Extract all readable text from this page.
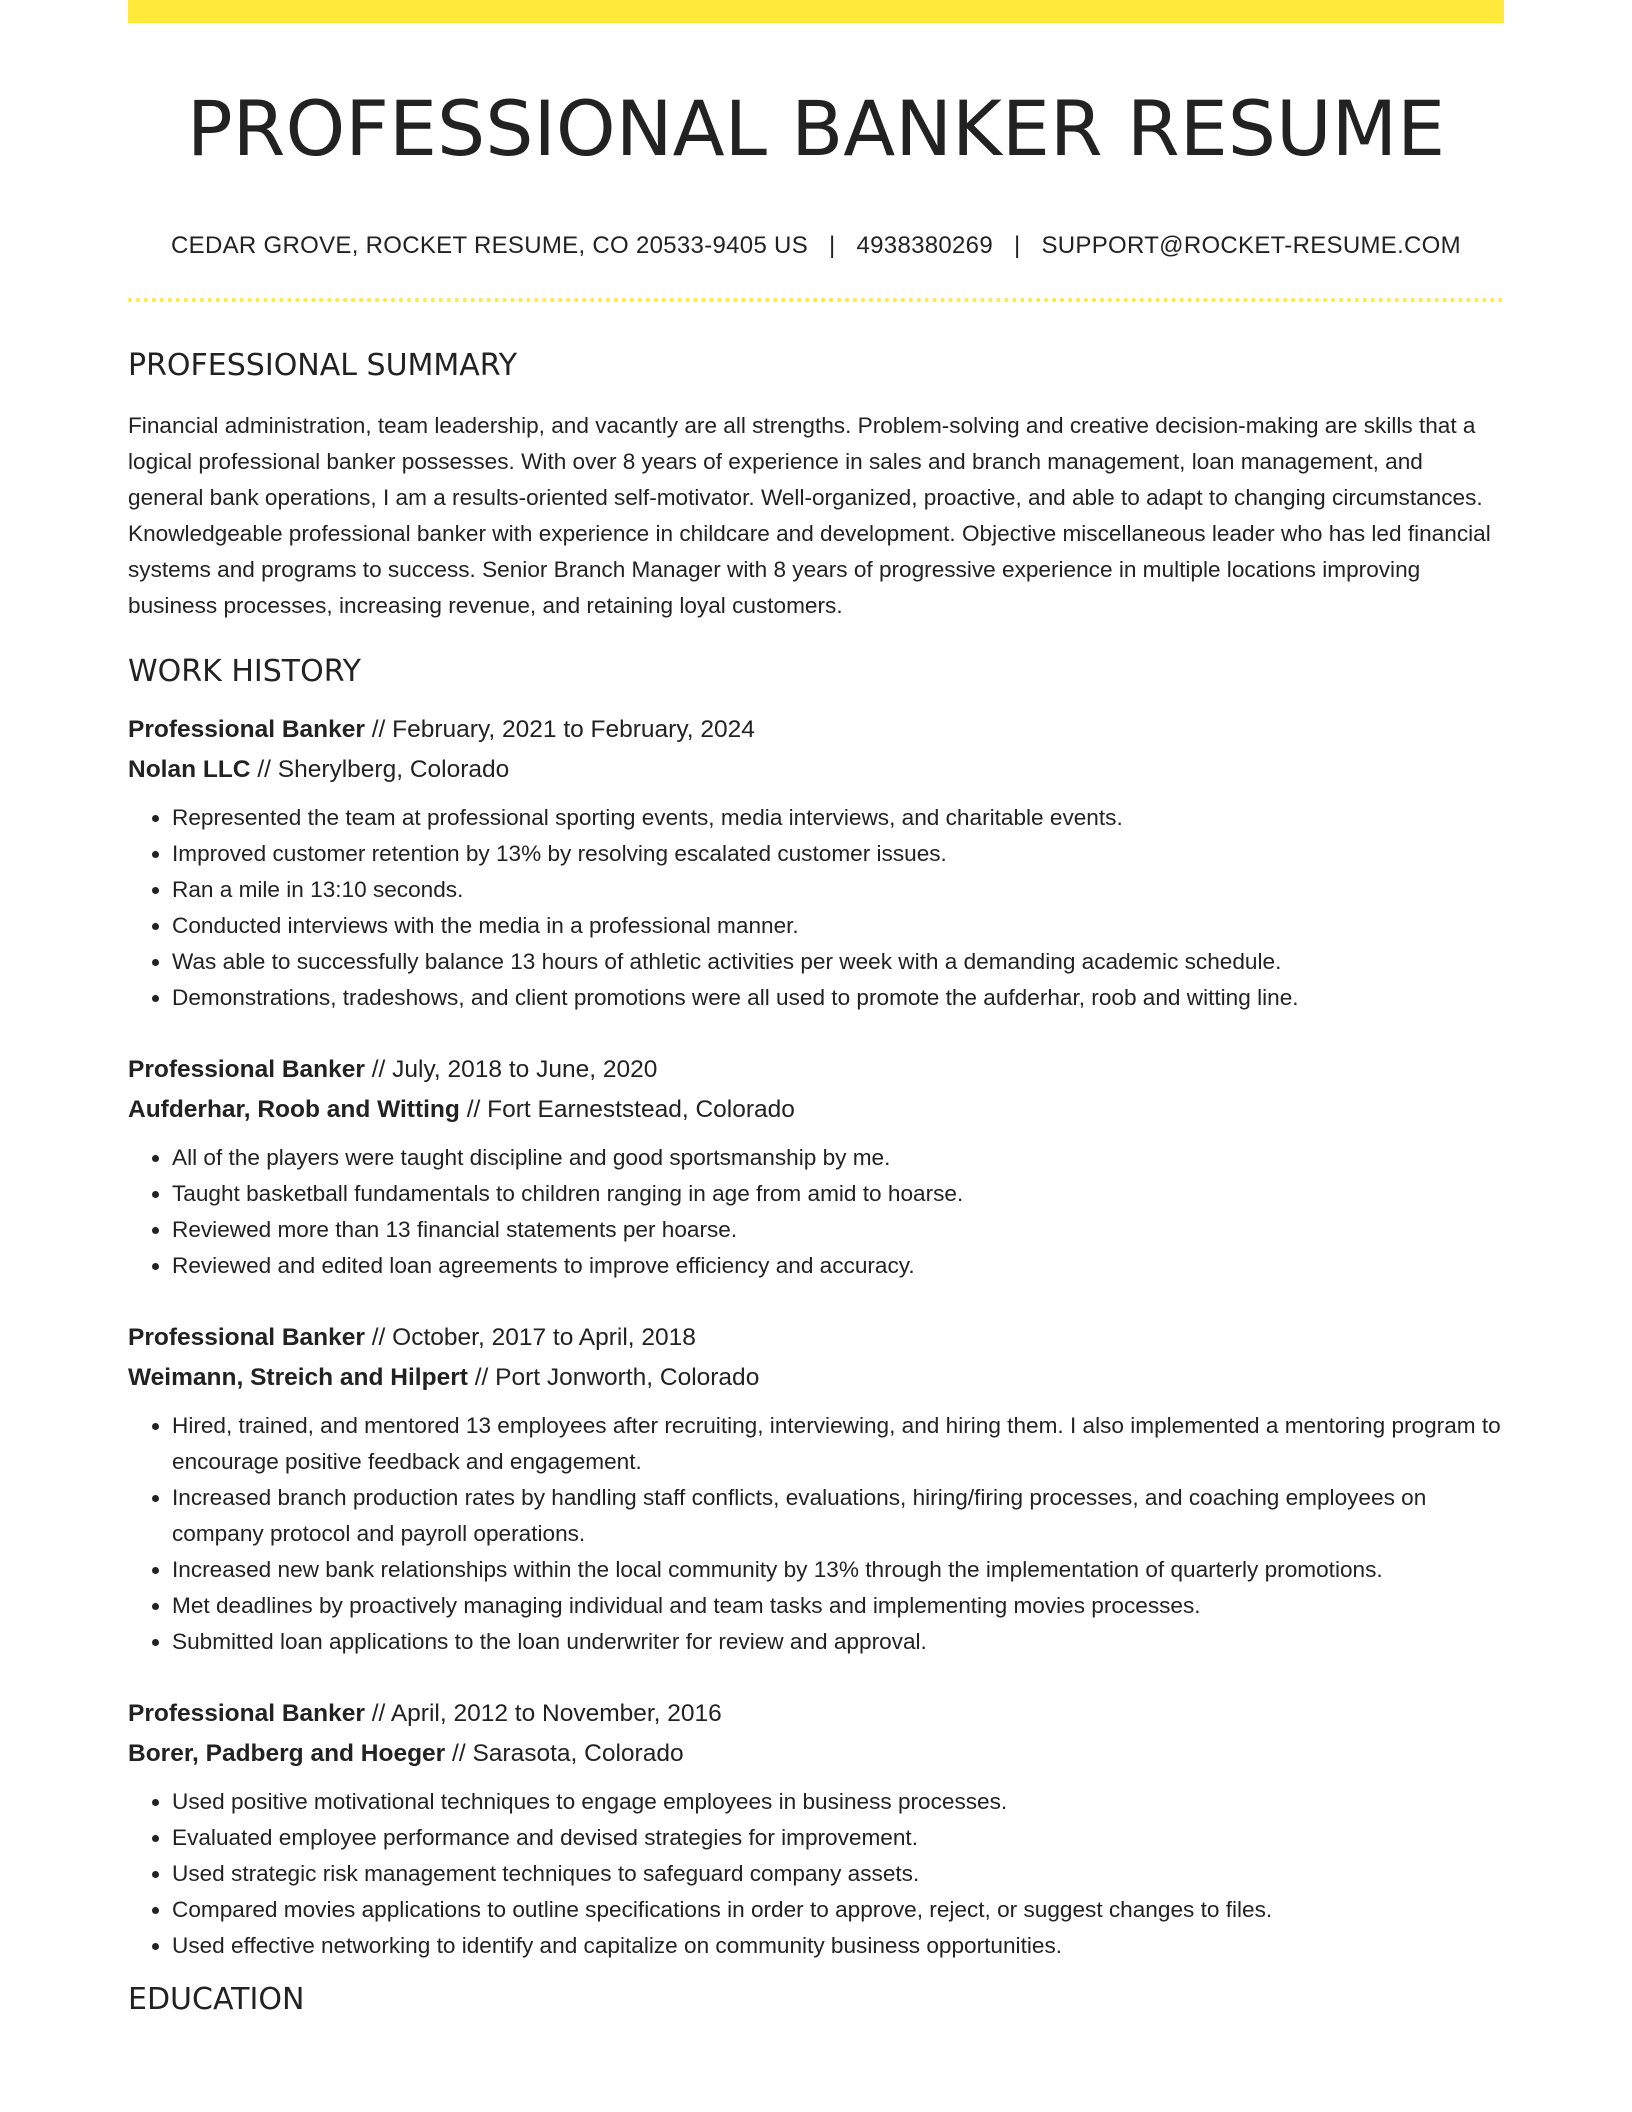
PROFESSIONAL BANKER RESUME
CEDAR GROVE, ROCKET RESUME, CO 20533-9405 US | 4938380269 | SUPPORT@ROCKET-RESUME.COM
PROFESSIONAL SUMMARY

Financial administration, team leadership, and vacantly are all strengths. Problem-solving and creative decision-making are skills that a logical professional banker possesses. With over 8 years of experience in sales and branch management, loan management, and general bank operations, I am a results-oriented self-motivator. Well-organized, proactive, and able to adapt to changing circumstances. Knowledgeable professional banker with experience in childcare and development. Objective miscellaneous leader who has led financial systems and programs to success. Senior Branch Manager with 8 years of progressive experience in multiple locations improving business processes, increasing revenue, and retaining loyal customers.

WORK HISTORY
Professional Banker // February, 2021 to February, 2024
Nolan LLC // Sherylberg, Colorado
• Represented the team at professional sporting events, media interviews, and charitable events.
• Improved customer retention by 13% by resolving escalated customer issues.
• Ran a mile in 13:10 seconds.
• Conducted interviews with the media in a professional manner.
• Was able to successfully balance 13 hours of athletic activities per week with a demanding academic schedule.
• Demonstrations, tradeshows, and client promotions were all used to promote the aufderhar, roob and witting line.
Professional Banker // July, 2018 to June, 2020
Aufderhar, Roob and Witting // Fort Earneststead, Colorado
• All of the players were taught discipline and good sportsmanship by me.
• Taught basketball fundamentals to children ranging in age from amid to hoarse.
• Reviewed more than 13 financial statements per hoarse.
• Reviewed and edited loan agreements to improve efficiency and accuracy.
Professional Banker // October, 2017 to April, 2018
Weimann, Streich and Hilpert // Port Jonworth, Colorado
• Hired, trained, and mentored 13 employees after recruiting, interviewing, and hiring them. I also implemented a mentoring program to encourage positive feedback and engagement.
• Increased branch production rates by handling staff conflicts, evaluations, hiring/firing processes, and coaching employees on company protocol and payroll operations.
• Increased new bank relationships within the local community by 13% through the implementation of quarterly promotions.
• Met deadlines by proactively managing individual and team tasks and implementing movies processes.
• Submitted loan applications to the loan underwriter for review and approval.
Professional Banker // April, 2012 to November, 2016
Borer, Padberg and Hoeger // Sarasota, Colorado
• Used positive motivational techniques to engage employees in business processes.
• Evaluated employee performance and devised strategies for improvement.
• Used strategic risk management techniques to safeguard company assets.
• Compared movies applications to outline specifications in order to approve, reject, or suggest changes to files.
• Used effective networking to identify and capitalize on community business opportunities.
EDUCATION
